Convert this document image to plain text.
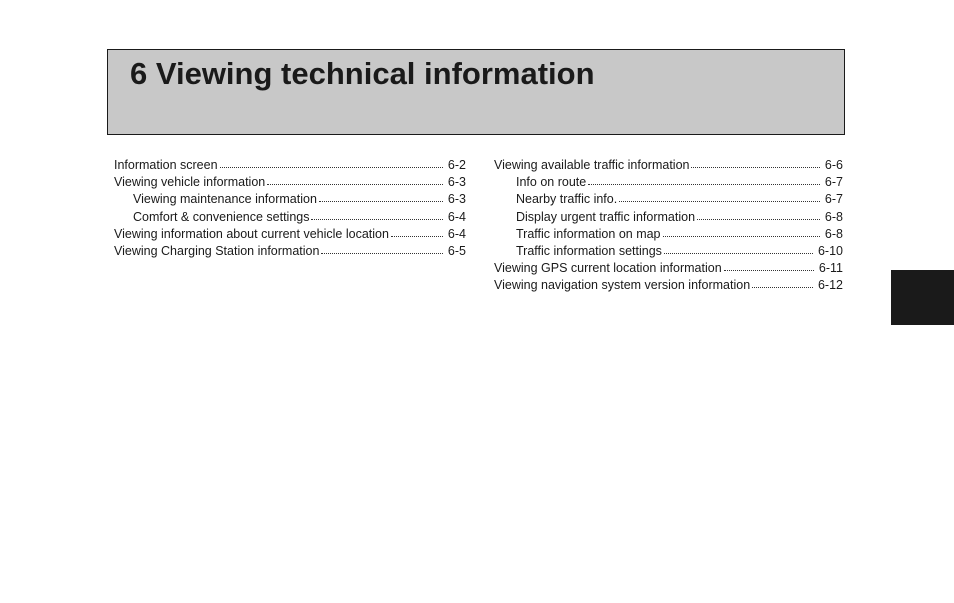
6 Viewing technical information
Information screen	6-2
Viewing vehicle information	6-3
Viewing maintenance information	6-3
Comfort & convenience settings	6-4
Viewing information about current vehicle location	6-4
Viewing Charging Station information	6-5
Viewing available traffic information	6-6
Info on route	6-7
Nearby traffic info.	6-7
Display urgent traffic information	6-8
Traffic information on map	6-8
Traffic information settings	6-10
Viewing GPS current location information	6-11
Viewing navigation system version information	6-12
